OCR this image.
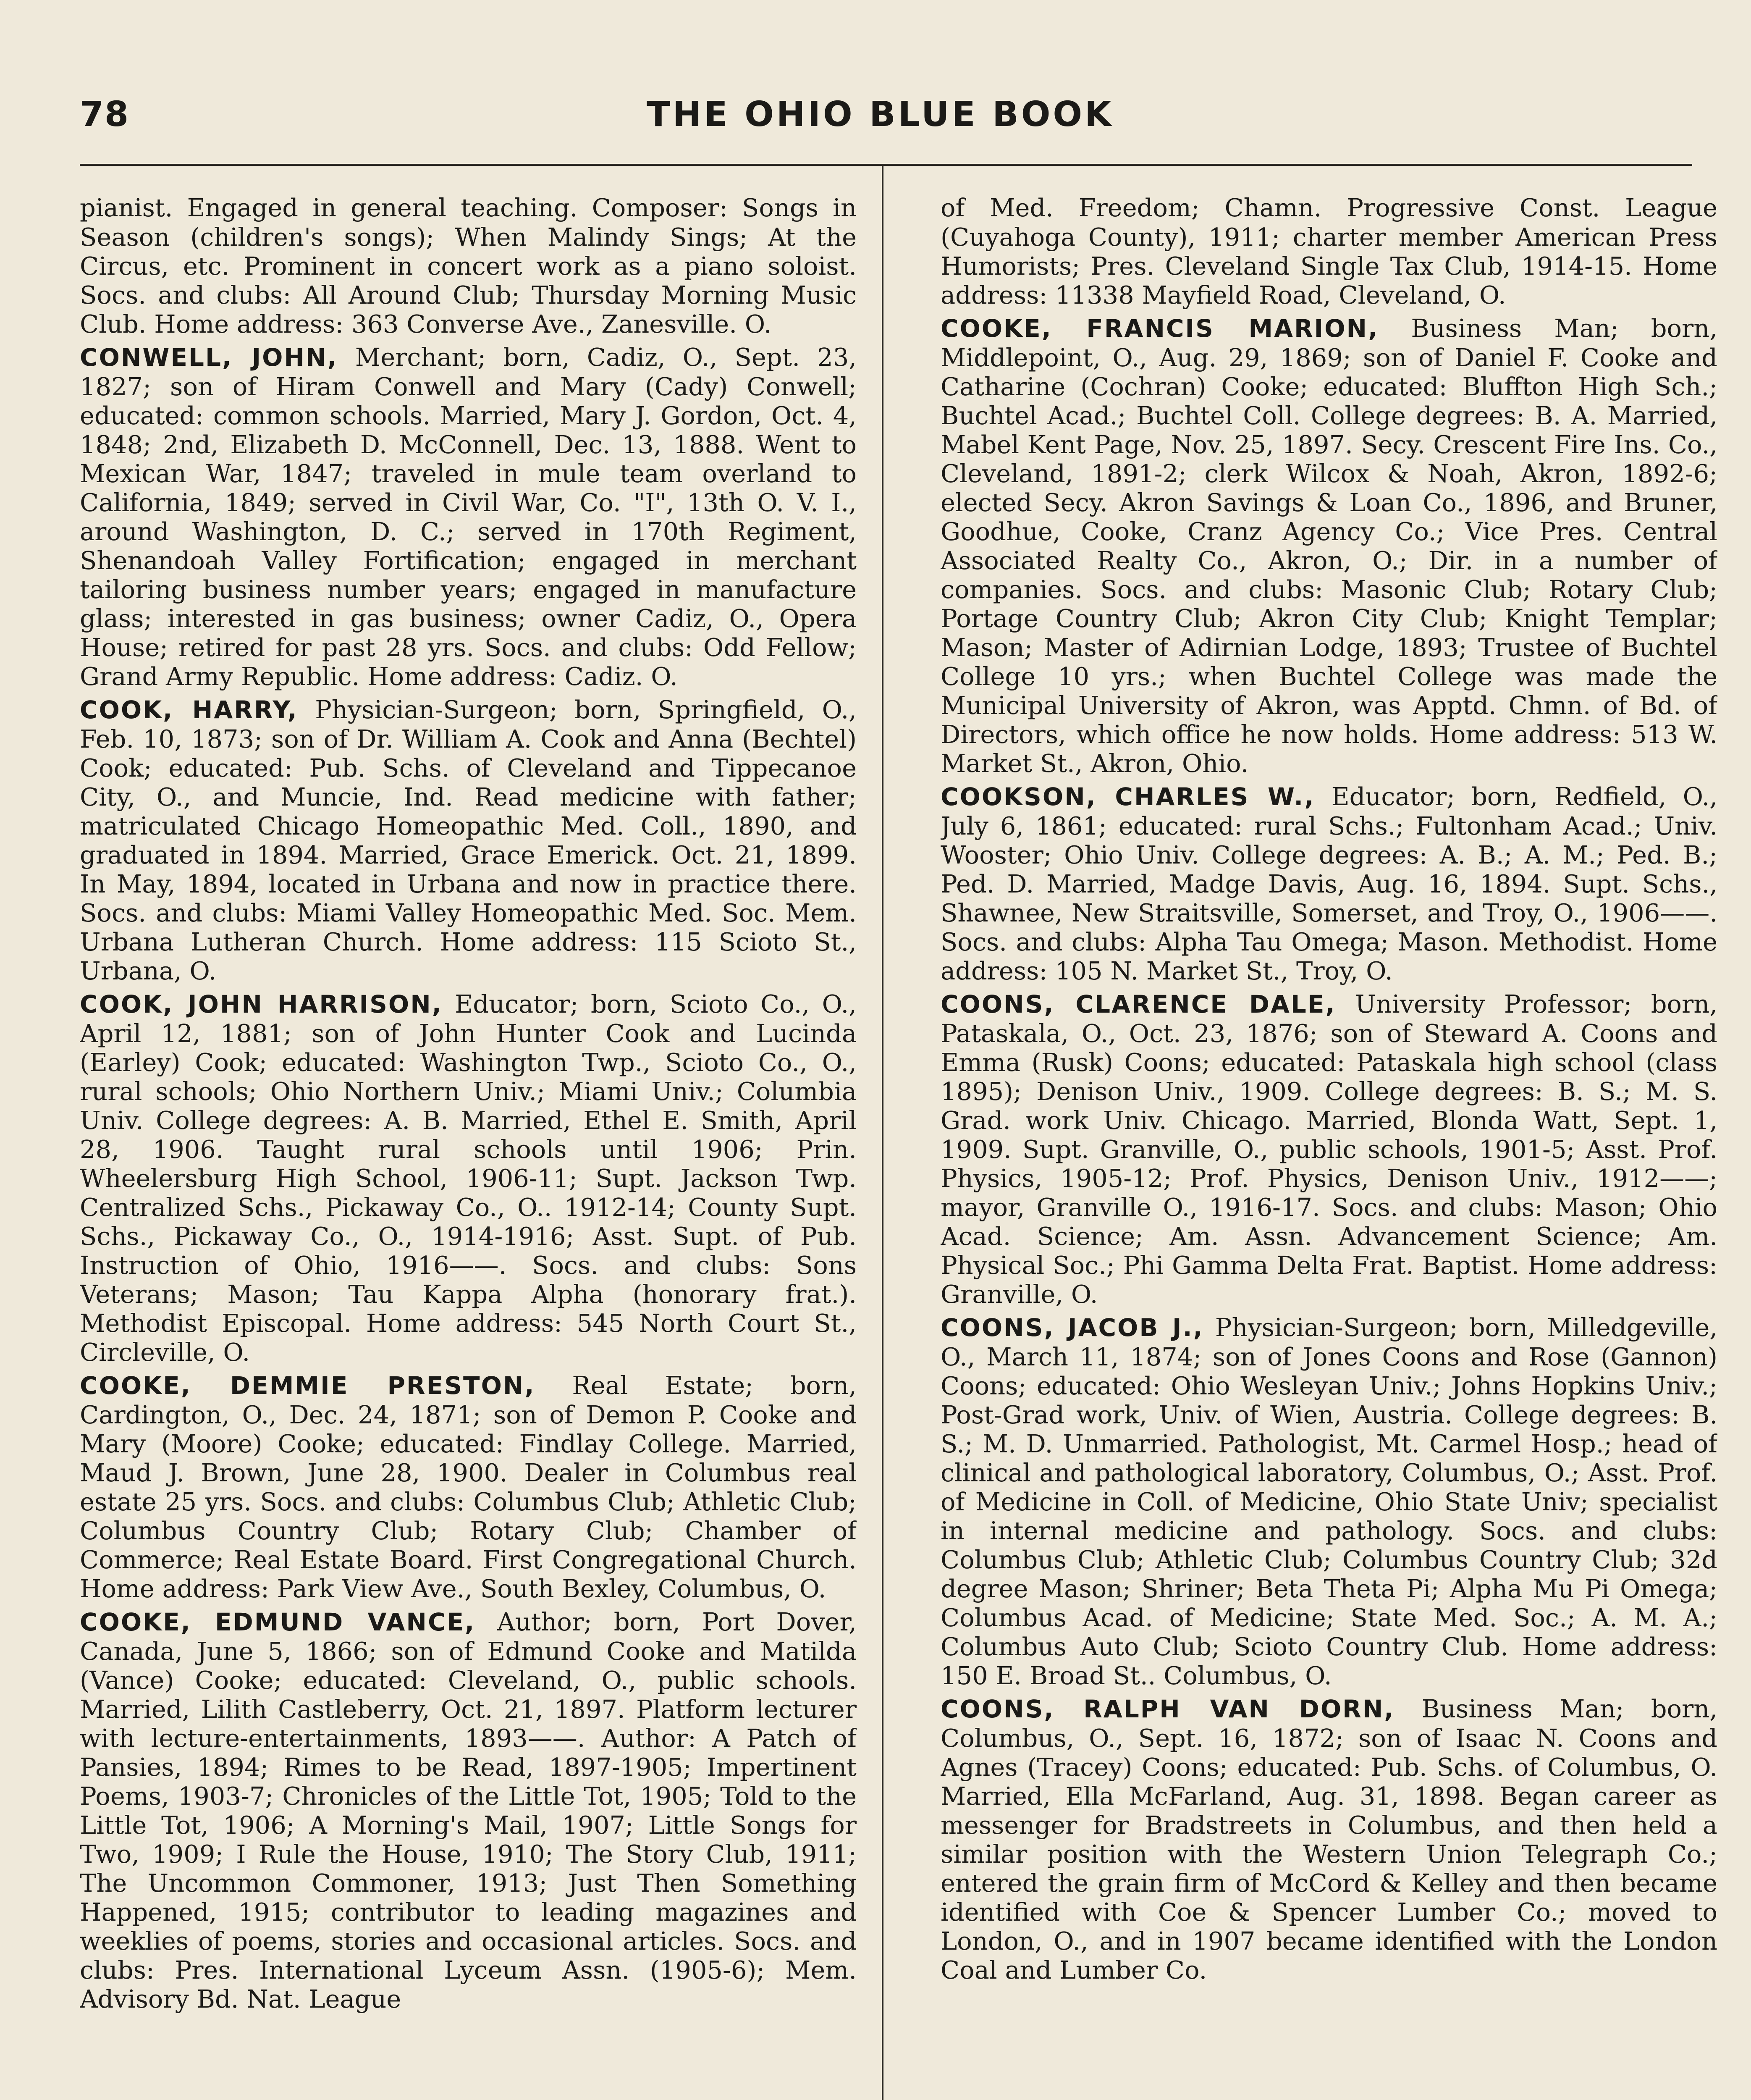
78	THE OHIO BLUE BOOK

pianist. Engaged in general teaching. Composer: Songs in Season (children's songs); When Malindy Sings; At the Circus, etc. Prominent in concert work as a piano soloist. Socs. and clubs: All Around Club; Thursday Morning Music Club. Home address: 363 Converse Ave., Zanesville. O.

CONWELL, JOHN, Merchant; born, Cadiz, O., Sept. 23, 1827; son of Hiram Conwell and Mary (Cady) Conwell; educated: common schools. Married, Mary J. Gordon, Oct. 4, 1848; 2nd, Elizabeth D. McConnell, Dec. 13, 1888. Went to Mexican War, 1847; traveled in mule team overland to California, 1849; served in Civil War, Co. "I", 13th O. V. I., around Washington, D. C.; served in 170th Regiment, Shenandoah Valley Fortification; engaged in merchant tailoring business number years; engaged in manufacture glass; interested in gas business; owner Cadiz, O., Opera House; retired for past 28 yrs. Socs. and clubs: Odd Fellow; Grand Army Republic. Home address: Cadiz. O.

COOK, HARRY, Physician-Surgeon; born, Springfield, O., Feb. 10, 1873; son of Dr. William A. Cook and Anna (Bechtel) Cook; educated: Pub. Schs. of Cleveland and Tippecanoe City, O., and Muncie, Ind. Read medicine with father; matriculated Chicago Homeopathic Med. Coll., 1890, and graduated in 1894. Married, Grace Emerick. Oct. 21, 1899. In May, 1894, located in Urbana and now in practice there. Socs. and clubs: Miami Valley Homeopathic Med. Soc. Mem. Urbana Lutheran Church. Home address: 115 Scioto St., Urbana, O.

COOK, JOHN HARRISON, Educator; born, Scioto Co., O., April 12, 1881; son of John Hunter Cook and Lucinda (Earley) Cook; educated: Washington Twp., Scioto Co., O., rural schools; Ohio Northern Univ.; Miami Univ.; Columbia Univ. College degrees: A. B. Married, Ethel E. Smith, April 28, 1906. Taught rural schools until 1906; Prin. Wheelersburg High School, 1906-11; Supt. Jackson Twp. Centralized Schs., Pickaway Co., O.. 1912-14; County Supt. Schs., Pickaway Co., O., 1914-1916; Asst. Supt. of Pub. Instruction of Ohio, 1916——. Socs. and clubs: Sons Veterans; Mason; Tau Kappa Alpha (honorary frat.). Methodist Episcopal. Home address: 545 North Court St., Circleville, O.

COOKE, DEMMIE PRESTON, Real Estate; born, Cardington, O., Dec. 24, 1871; son of Demon P. Cooke and Mary (Moore) Cooke; educated: Findlay College. Married, Maud J. Brown, June 28, 1900. Dealer in Columbus real estate 25 yrs. Socs. and clubs: Columbus Club; Athletic Club; Columbus Country Club; Rotary Club; Chamber of Commerce; Real Estate Board. First Congregational Church. Home address: Park View Ave., South Bexley, Columbus, O.

COOKE, EDMUND VANCE, Author; born, Port Dover, Canada, June 5, 1866; son of Edmund Cooke and Matilda (Vance) Cooke; educated: Cleveland, O., public schools. Married, Lilith Castleberry, Oct. 21, 1897. Platform lecturer with lecture-entertainments, 1893——. Author: A Patch of Pansies, 1894; Rimes to be Read, 1897-1905; Impertinent Poems, 1903-7; Chronicles of the Little Tot, 1905; Told to the Little Tot, 1906; A Morning's Mail, 1907; Little Songs for Two, 1909; I Rule the House, 1910; The Story Club, 1911; The Uncommon Commoner, 1913; Just Then Something Happened, 1915; contributor to leading magazines and weeklies of poems, stories and occasional articles. Socs. and clubs: Pres. International Lyceum Assn. (1905-6); Mem. Advisory Bd. Nat. League

of Med. Freedom; Chamn. Progressive Const. League (Cuyahoga County), 1911; charter member American Press Humorists; Pres. Cleveland Single Tax Club, 1914-15. Home address: 11338 Mayfield Road, Cleveland, O.

COOKE, FRANCIS MARION, Business Man; born, Middlepoint, O., Aug. 29, 1869; son of Daniel F. Cooke and Catharine (Cochran) Cooke; educated: Bluffton High Sch.; Buchtel Acad.; Buchtel Coll. College degrees: B. A. Married, Mabel Kent Page, Nov. 25, 1897. Secy. Crescent Fire Ins. Co., Cleveland, 1891-2; clerk Wilcox & Noah, Akron, 1892-6; elected Secy. Akron Savings & Loan Co., 1896, and Bruner, Goodhue, Cooke, Cranz Agency Co.; Vice Pres. Central Associated Realty Co., Akron, O.; Dir. in a number of companies. Socs. and clubs: Masonic Club; Rotary Club; Portage Country Club; Akron City Club; Knight Templar; Mason; Master of Adirnian Lodge, 1893; Trustee of Buchtel College 10 yrs.; when Buchtel College was made the Municipal University of Akron, was Apptd. Chmn. of Bd. of Directors, which office he now holds. Home address: 513 W. Market St., Akron, Ohio.

COOKSON, CHARLES W., Educator; born, Redfield, O., July 6, 1861; educated: rural Schs.; Fultonham Acad.; Univ. Wooster; Ohio Univ. College degrees: A. B.; A. M.; Ped. B.; Ped. D. Married, Madge Davis, Aug. 16, 1894. Supt. Schs., Shawnee, New Straitsville, Somerset, and Troy, O., 1906——. Socs. and clubs: Alpha Tau Omega; Mason. Methodist. Home address: 105 N. Market St., Troy, O.

COONS, CLARENCE DALE, University Professor; born, Pataskala, O., Oct. 23, 1876; son of Steward A. Coons and Emma (Rusk) Coons; educated: Pataskala high school (class 1895); Denison Univ., 1909. College degrees: B. S.; M. S. Grad. work Univ. Chicago. Married, Blonda Watt, Sept. 1, 1909. Supt. Granville, O., public schools, 1901-5; Asst. Prof. Physics, 1905-12; Prof. Physics, Denison Univ., 1912——; mayor, Granville O., 1916-17. Socs. and clubs: Mason; Ohio Acad. Science; Am. Assn. Advancement Science; Am. Physical Soc.; Phi Gamma Delta Frat. Baptist. Home address: Granville, O.

COONS, JACOB J., Physician-Surgeon; born, Milledgeville, O., March 11, 1874; son of Jones Coons and Rose (Gannon) Coons; educated: Ohio Wesleyan Univ.; Johns Hopkins Univ.; Post-Grad work, Univ. of Wien, Austria. College degrees: B. S.; M. D. Unmarried. Pathologist, Mt. Carmel Hosp.; head of clinical and pathological laboratory, Columbus, O.; Asst. Prof. of Medicine in Coll. of Medicine, Ohio State Univ; specialist in internal medicine and pathology. Socs. and clubs: Columbus Club; Athletic Club; Columbus Country Club; 32d degree Mason; Shriner; Beta Theta Pi; Alpha Mu Pi Omega; Columbus Acad. of Medicine; State Med. Soc.; A. M. A.; Columbus Auto Club; Scioto Country Club. Home address: 150 E. Broad St.. Columbus, O.

COONS, RALPH VAN DORN, Business Man; born, Columbus, O., Sept. 16, 1872; son of Isaac N. Coons and Agnes (Tracey) Coons; educated: Pub. Schs. of Columbus, O. Married, Ella McFarland, Aug. 31, 1898. Began career as messenger for Bradstreets in Columbus, and then held a similar position with the Western Union Telegraph Co.; entered the grain firm of McCord & Kelley and then became identified with Coe & Spencer Lumber Co.; moved to London, O., and in 1907 became identified with the London Coal and Lumber Co.
